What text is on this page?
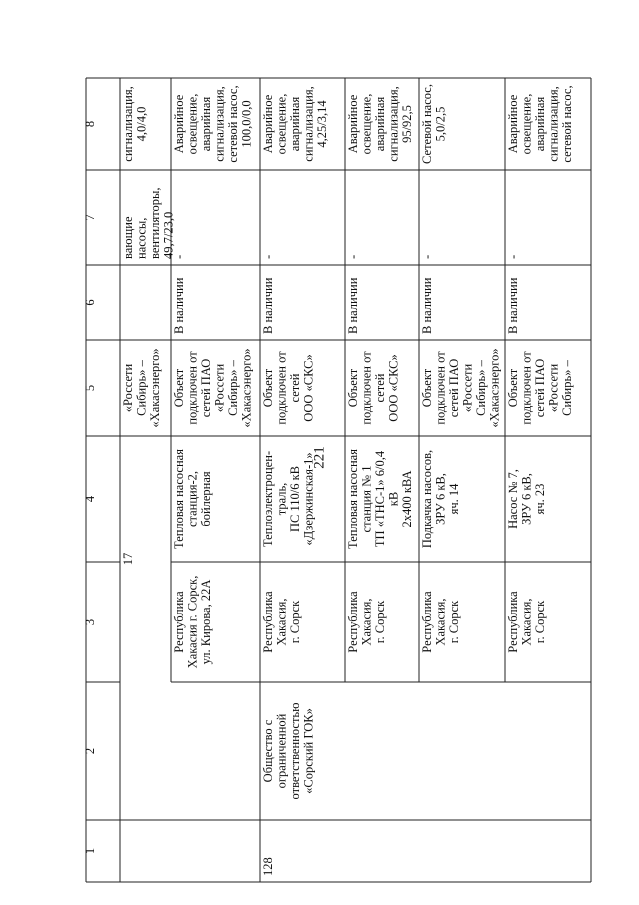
221
1
2
3
4
5
6
7
8
17
«Россети Сибирь» – «Хакасэнерго»
вающие насосы, вентиляторы, 49,7/23,0
сигнализация, 4,0/4,0
Республика Хакасия г. Сорск, ул. Кирова, 22А
Тепловая насосная станция-2, бойлерная
Объект подключен от сетей ПАО «Россети Сибирь» – «Хакасэнерго»
В наличии
-
Аварийное освещение, аварийная сигнализация, сетевой насос, 100,0/0,0
128
Общество с ограниченной ответственностью «Сорский ГОК»
Республика Хакасия, г. Сорск
Теплоэлектроцен- траль, ПС 110/6 кВ «Дзержинская-1»
Объект подключен от сетей ООО «СКС»
В наличии
-
Аварийное освещение, аварийная сигнализация, 4,25/3,14
Республика Хакасия, г. Сорск
Тепловая насосная станция № 1 ТП «ТНС-1» 6/0,4 кВ 2x400 кВА
Объект подключен от сетей ООО «СКС»
В наличии
-
Аварийное освещение, аварийная сигнализация, 95/92,5
Республика Хакасия, г. Сорск
Подкачка насосов, ЗРУ 6 кВ, яч. 14
Объект подключен от сетей ПАО «Россети Сибирь» – «Хакасэнерго»
В наличии
-
Сетевой насос, 5,0/2,5
Республика Хакасия, г. Сорск
Насос № 7, ЗРУ 6 кВ, яч. 23
Объект подключен от сетей ПАО «Россети Сибирь» –
В наличии
-
Аварийное освещение, аварийная сигнализация, сетевой насос,
